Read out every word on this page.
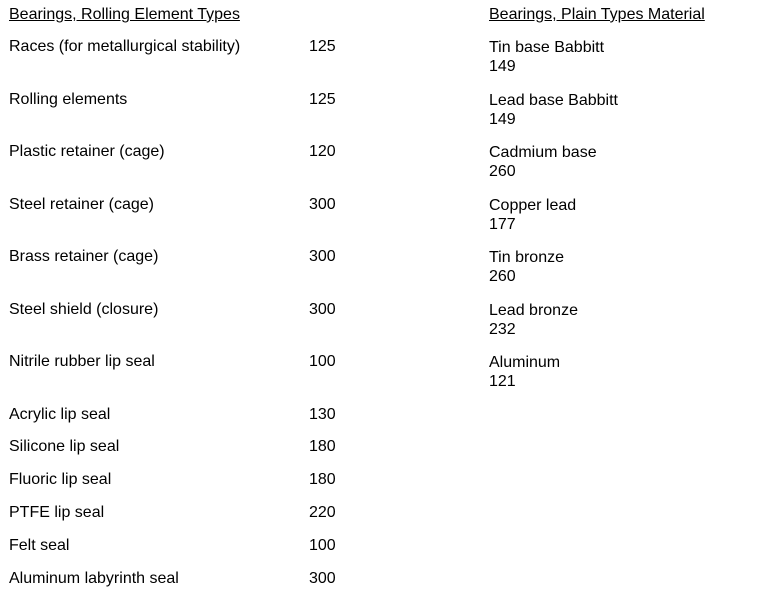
Bearings, Rolling Element Types	Bearings, Plain Types Material
Races (for metallurgical stability)	125
Rolling elements	125
Plastic retainer (cage)	120
Steel retainer (cage)	300
Brass retainer (cage)	300
Steel shield (closure)	300
Nitrile rubber lip seal	100
Acrylic lip seal	130
Silicone lip seal	180
Fluoric lip seal	180
PTFE lip seal	220
Felt seal	100
Aluminum labyrinth seal	300
Tin base Babbitt
149
Lead base Babbitt
149
Cadmium base
260
Copper lead
177
Tin bronze
260
Lead bronze
232
Aluminum
121
